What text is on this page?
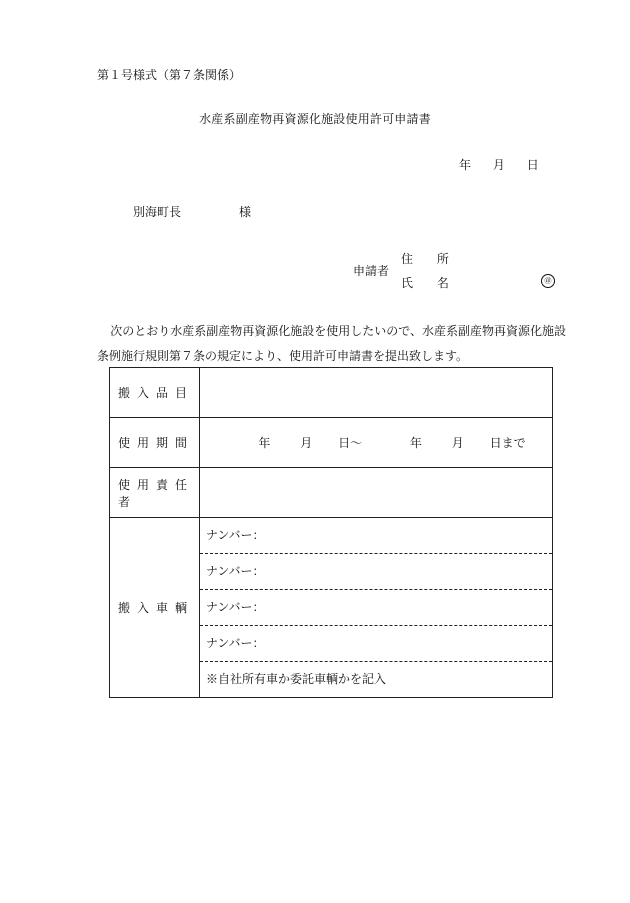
第１号様式（第７条関係）
水産系副産物再資源化施設使用許可申請書
年 月 日
別海町長	様
申請者
住 所
氏 名	㊞
次のとおり水産系副産物再資源化施設を使用したいので、水産系副産物再資源化施設条例施行規則第７条の規定により、使用許可申請書を提出致します。
搬入品目	
使用期間	年 月 日〜 年 月 日まで
使用責任者	
搬入車輌	ナンバー：
ナンバー：
ナンバー：
ナンバー：
※自社所有車か委託車輌かを記入
